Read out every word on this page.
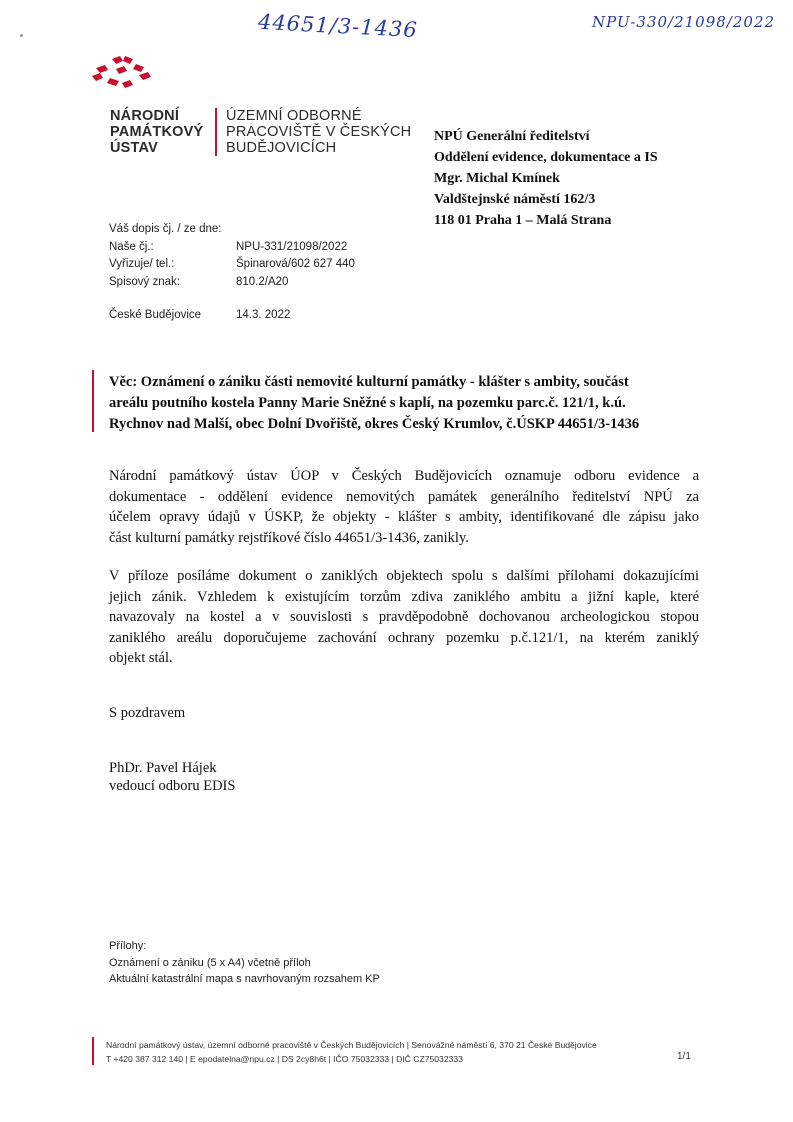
44651/3-1436	NPU-330/21098/2022
NÁRODNÍ
PAMÁTKOVÝ
ÚSTAV
ÚZEMNÍ ODBORNÉ
PRACOVIŠTĚ V ČESKÝCH
BUDĚJOVICÍCH
NPÚ Generální ředitelství
Oddělení evidence, dokumentace a IS
Mgr. Michal Kmínek
Valdštejnské náměstí 162/3
118 01 Praha 1 – Malá Strana
Váš dopis čj. / ze dne:
Naše čj.:	NPU-331/21098/2022
Vyřizuje/ tel.:	Špinarová/602 627 440
Spisový znak:	810.2/A20
České Budějovice	14.3. 2022
Věc: Oznámení o zániku části nemovité kulturní památky - klášter s ambity, součást
areálu poutního kostela Panny Marie Sněžné s kaplí, na pozemku parc.č. 121/1, k.ú.
Rychnov nad Malší, obec Dolní Dvořiště, okres Český Krumlov, č.ÚSKP 44651/3-1436
Národní památkový ústav ÚOP v Českých Budějovicích oznamuje odboru evidence a
dokumentace - oddělení evidence nemovitých památek generálního ředitelství NPÚ za
účelem opravy údajů v ÚSKP, že objekty - klášter s ambity, identifikované dle zápisu jako
část kulturní památky rejstříkové číslo 44651/3-1436, zanikly.
V příloze posíláme dokument o zaniklých objektech spolu s dalšími přílohami dokazujícími
jejich zánik. Vzhledem k existujícím torzům zdiva zaniklého ambitu a jižní kaple, které
navazovaly na kostel a v souvislosti s pravděpodobně dochovanou archeologickou stopou
zaniklého areálu doporučujeme zachování ochrany pozemku p.č.121/1, na kterém zaniklý
objekt stál.
S pozdravem
PhDr. Pavel Hájek
vedoucí odboru EDIS
Přílohy:
Oznámení o zániku (5 x A4) včetně příloh
Aktuální katastrální mapa s navrhovaným rozsahem KP
Národní památkový ústav, územní odborné pracoviště v Českých Budějovicích | Senovážné náměstí 6, 370 21 České Budějovice
T +420 387 312 140 | E epodatelna@npu.cz | DS 2cy8h6t | IČO 75032333 | DIČ CZ75032333	1/1
